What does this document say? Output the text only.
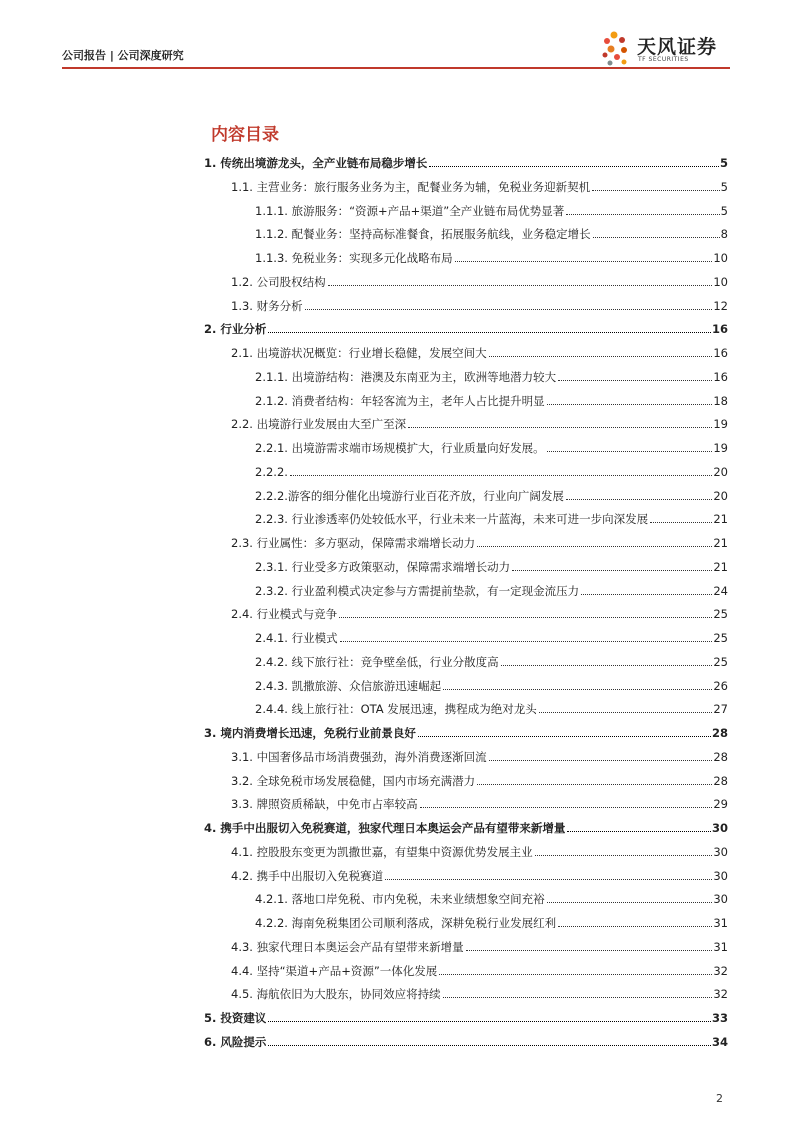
公司报告 | 公司深度研究	天风证券
TF SECURITIES
内容目录
1. 传统出境游龙头，全产业链布局稳步增长	5
1.1. 主营业务：旅行服务业务为主，配餐业务为辅，免税业务迎新契机	5
1.1.1. 旅游服务：“资源+产品+渠道”全产业链布局优势显著	5
1.1.2. 配餐业务：坚持高标准餐食，拓展服务航线，业务稳定增长	8
1.1.3. 免税业务：实现多元化战略布局	10
1.2. 公司股权结构	10
1.3. 财务分析	12
2. 行业分析	16
2.1. 出境游状况概览：行业增长稳健，发展空间大	16
2.1.1. 出境游结构：港澳及东南亚为主，欧洲等地潜力较大	16
2.1.2. 消费者结构：年轻客流为主，老年人占比提升明显	18
2.2. 出境游行业发展由大至广至深	19
2.2.1. 出境游需求端市场规模扩大，行业质量向好发展。	19
2.2.2.	20
2.2.2.游客的细分催化出境游行业百花齐放，行业向广阔发展	20
2.2.3. 行业渗透率仍处较低水平，行业未来一片蓝海，未来可进一步向深发展	21
2.3. 行业属性：多方驱动，保障需求端增长动力	21
2.3.1. 行业受多方政策驱动，保障需求端增长动力	21
2.3.2. 行业盈利模式决定参与方需提前垫款，有一定现金流压力	24
2.4. 行业模式与竞争	25
2.4.1. 行业模式	25
2.4.2. 线下旅行社：竞争壁垒低，行业分散度高	25
2.4.3. 凯撒旅游、众信旅游迅速崛起	26
2.4.4. 线上旅行社：OTA 发展迅速，携程成为绝对龙头	27
3. 境内消费增长迅速，免税行业前景良好	28
3.1. 中国奢侈品市场消费强劲，海外消费逐渐回流	28
3.2. 全球免税市场发展稳健，国内市场充满潜力	28
3.3. 牌照资质稀缺，中免市占率较高	29
4. 携手中出服切入免税赛道，独家代理日本奥运会产品有望带来新增量	30
4.1. 控股股东变更为凯撒世嘉，有望集中资源优势发展主业	30
4.2. 携手中出服切入免税赛道	30
4.2.1. 落地口岸免税、市内免税，未来业绩想象空间充裕	30
4.2.2. 海南免税集团公司顺利落成，深耕免税行业发展红利	31
4.3. 独家代理日本奥运会产品有望带来新增量	31
4.4. 坚持“渠道+产品+资源”一体化发展	32
4.5. 海航依旧为大股东，协同效应将持续	32
5. 投资建议	33
6. 风险提示	34
2
